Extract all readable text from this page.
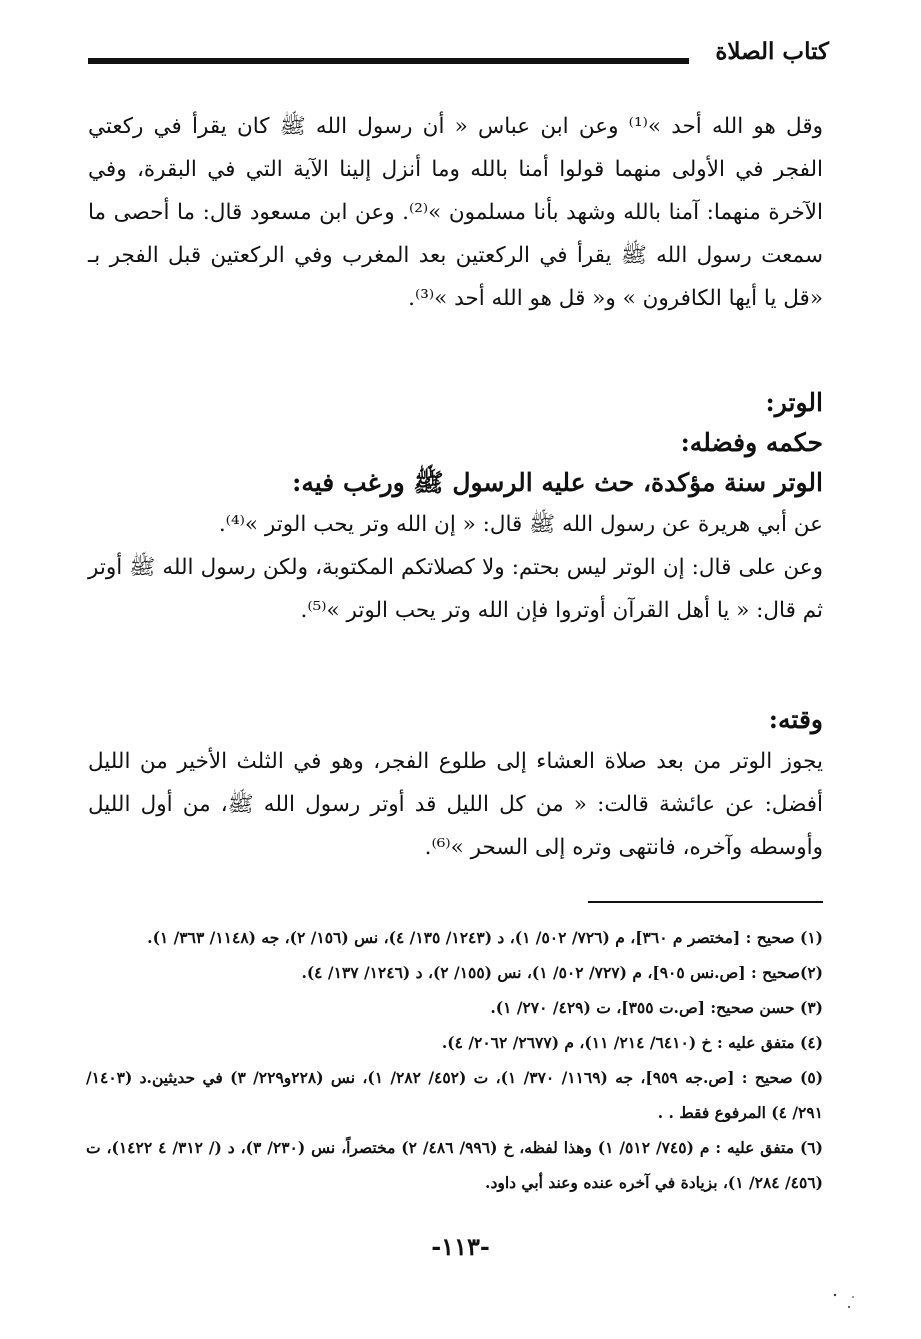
كتاب الصلاة

وقل هو الله أحد »⁽¹⁾ وعن ابن عباس « أن رسول الله ﷺ كان يقرأ في ركعتي الفجر في الأولى منهما قولوا أمنا بالله وما أنزل إلينا الآية التي في البقرة، وفي الآخرة منهما: آمنا بالله وشهد بأنا مسلمون »⁽²⁾. وعن ابن مسعود قال: ما أحصى ما سمعت رسول الله ﷺ يقرأ في الركعتين بعد المغرب وفي الركعتين قبل الفجر بـ «قل يا أيها الكافرون » و« قل هو الله أحد »⁽³⁾.

الوتر:

حكمه وفضله:

الوتر سنة مؤكدة، حث عليه الرسول ﷺ ورغب فيه:

عن أبي هريرة عن رسول الله ﷺ قال: « إن الله وتر يحب الوتر »⁽⁴⁾.

وعن على قال: إن الوتر ليس بحتم: ولا كصلاتكم المكتوبة، ولكن رسول الله ﷺ أوتر ثم قال: « يا أهل القرآن أوتروا فإن الله وتر يحب الوتر »⁽⁵⁾.

وقته:

يجوز الوتر من بعد صلاة العشاء إلى طلوع الفجر، وهو في الثلث الأخير من الليل أفضل: عن عائشة قالت: « من كل الليل قد أوتر رسول الله ﷺ، من أول الليل وأوسطه وآخره، فانتهى وتره إلى السحر »⁽⁶⁾.

(١) صحيح : [مختصر م ٣٦٠]، م (٧٢٦/ ٥٠٢/ ١)، د (١٢٤٣/ ١٣٥/ ٤)، نس (١٥٦/ ٢)، جه (١١٤٨/ ٣٦٣/ ١).

(٢)صحيح : [ص.نس ٩٠٥]، م (٧٢٧/ ٥٠٢/ ١)، نس (١٥٥/ ٢)، د (١٢٤٦/ ١٣٧/ ٤).

(٣) حسن صحيح: [ص.ت ٣٥٥]، ت (٤٢٩/ ٢٧٠/ ١).

(٤) متفق عليه : خ (٦٤١٠/ ٢١٤/ ١١)، م (٢٦٧٧/ ٢٠٦٢/ ٤).

(٥) صحيح : [ص.جه ٩٥٩]، جه (١١٦٩/ ٣٧٠/ ١)، ت (٤٥٢/ ٢٨٢/ ١)، نس (٢٢٨و٢٢٩/ ٣) في حديثين.د (١٤٠٣/ ٢٩١/ ٤) المرفوع فقط . .

(٦) متفق عليه : م (٧٤٥/ ٥١٢/ ١) وهذا لفظه، خ (٩٩٦/ ٤٨٦/ ٢) مختصراً، نس (٢٣٠/ ٣)، د (/ ٣١٢/ ٤ ١٤٢٢)، ت (٤٥٦/ ٢٨٤/ ١)، بزيادة في آخره عنده وعند أبي داود.

-١١٣-
